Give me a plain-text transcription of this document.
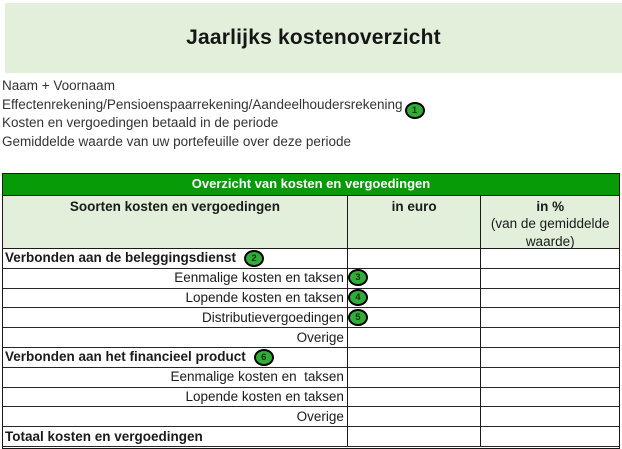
Jaarlijks kostenoverzicht
Naam + Voornaam
Effectenrekening/Pensioenspaarrekening/Aandeelhoudersrekening 1
Kosten en vergoedingen betaald in de periode
Gemiddelde waarde van uw portefeuille over deze periode
Overzicht van kosten en vergoedingen
Soorten kosten en vergoedingen	in euro	in %
(van de gemiddelde waarde)
Verbonden aan de beleggingsdienst	2
Eenmalige kosten en taksen	3
Lopende kosten en taksen	4
Distributievergoedingen	5
Overige
Verbonden aan het financieel product	6
Eenmalige kosten en  taksen
Lopende kosten en taksen
Overige
Totaal kosten en vergoedingen
